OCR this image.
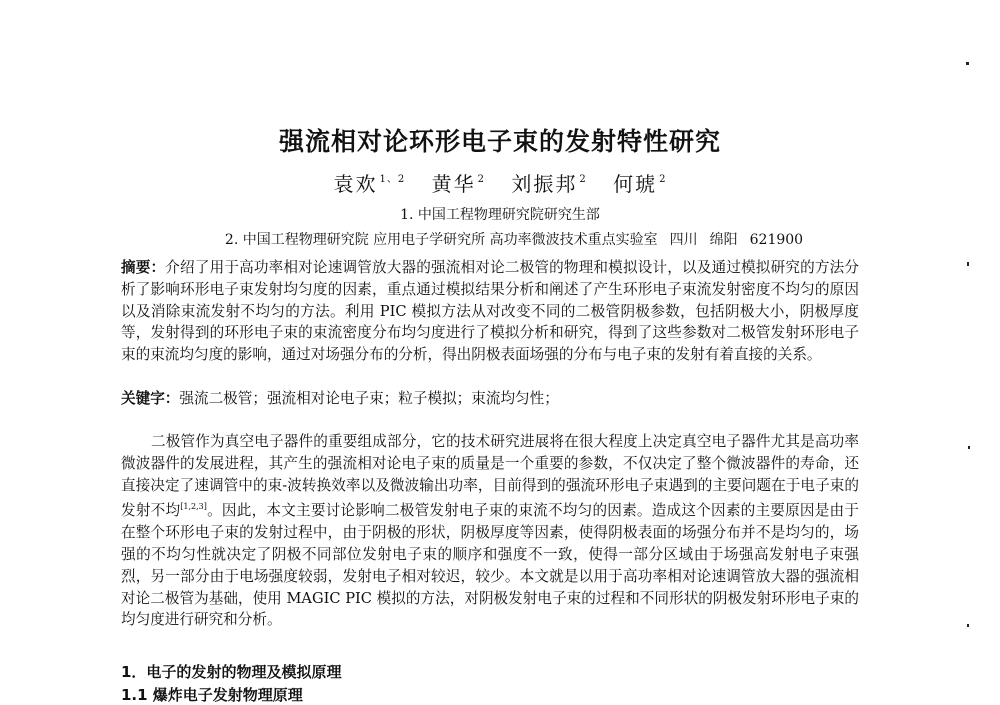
强流相对论环形电子束的发射特性研究
袁欢 $^{1、2}$ 黄华 $^2$ 刘振邦 $^2$ 何琥 $^2$
1. 中国工程物理研究院研究生部
2. 中国工程物理研究院 应用电子学研究所 高功率微波技术重点实验室 四川 绵阳 621900
摘要：介绍了用于高功率相对论速调管放大器的强流相对论二极管的物理和模拟设计，以及通过模拟研究的方法分析了影响环形电子束发射均匀度的因素，重点通过模拟结果分析和阐述了产生环形电子束流发射密度不均匀的原因以及消除束流发射不均匀的方法。利用 PIC 模拟方法从对改变不同的二极管阴极参数，包括阴极大小，阴极厚度等，发射得到的环形电子束的束流密度分布均匀度进行了模拟分析和研究，得到了这些参数对二极管发射环形电子束的束流均匀度的影响，通过对场强分布的分析，得出阴极表面场强的分布与电子束的发射有着直接的关系。
关键字：强流二极管；强流相对论电子束；粒子模拟；束流均匀性；
二极管作为真空电子器件的重要组成部分，它的技术研究进展将在很大程度上决定真空电子器件尤其是高功率微波器件的发展进程，其产生的强流相对论电子束的质量是一个重要的参数，不仅决定了整个微波器件的寿命，还直接决定了速调管中的束-波转换效率以及微波输出功率，目前得到的强流环形电子束遇到的主要问题在于电子束的发射不均[1,2,3]。因此，本文主要讨论影响二极管发射电子束的束流不均匀的因素。造成这个因素的主要原因是由于在整个环形电子束的发射过程中，由于阴极的形状，阴极厚度等因素，使得阴极表面的场强分布并不是均匀的，场强的不均匀性就决定了阴极不同部位发射电子束的顺序和强度不一致，使得一部分区域由于场强高发射电子束强烈，另一部分由于电场强度较弱，发射电子相对较迟，较少。本文就是以用于高功率相对论速调管放大器的强流相对论二极管为基础，使用 MAGIC PIC 模拟的方法，对阴极发射电子束的过程和不同形状的阴极发射环形电子束的均匀度进行研究和分析。
1．电子的发射的物理及模拟原理
1.1 爆炸电子发射物理原理
